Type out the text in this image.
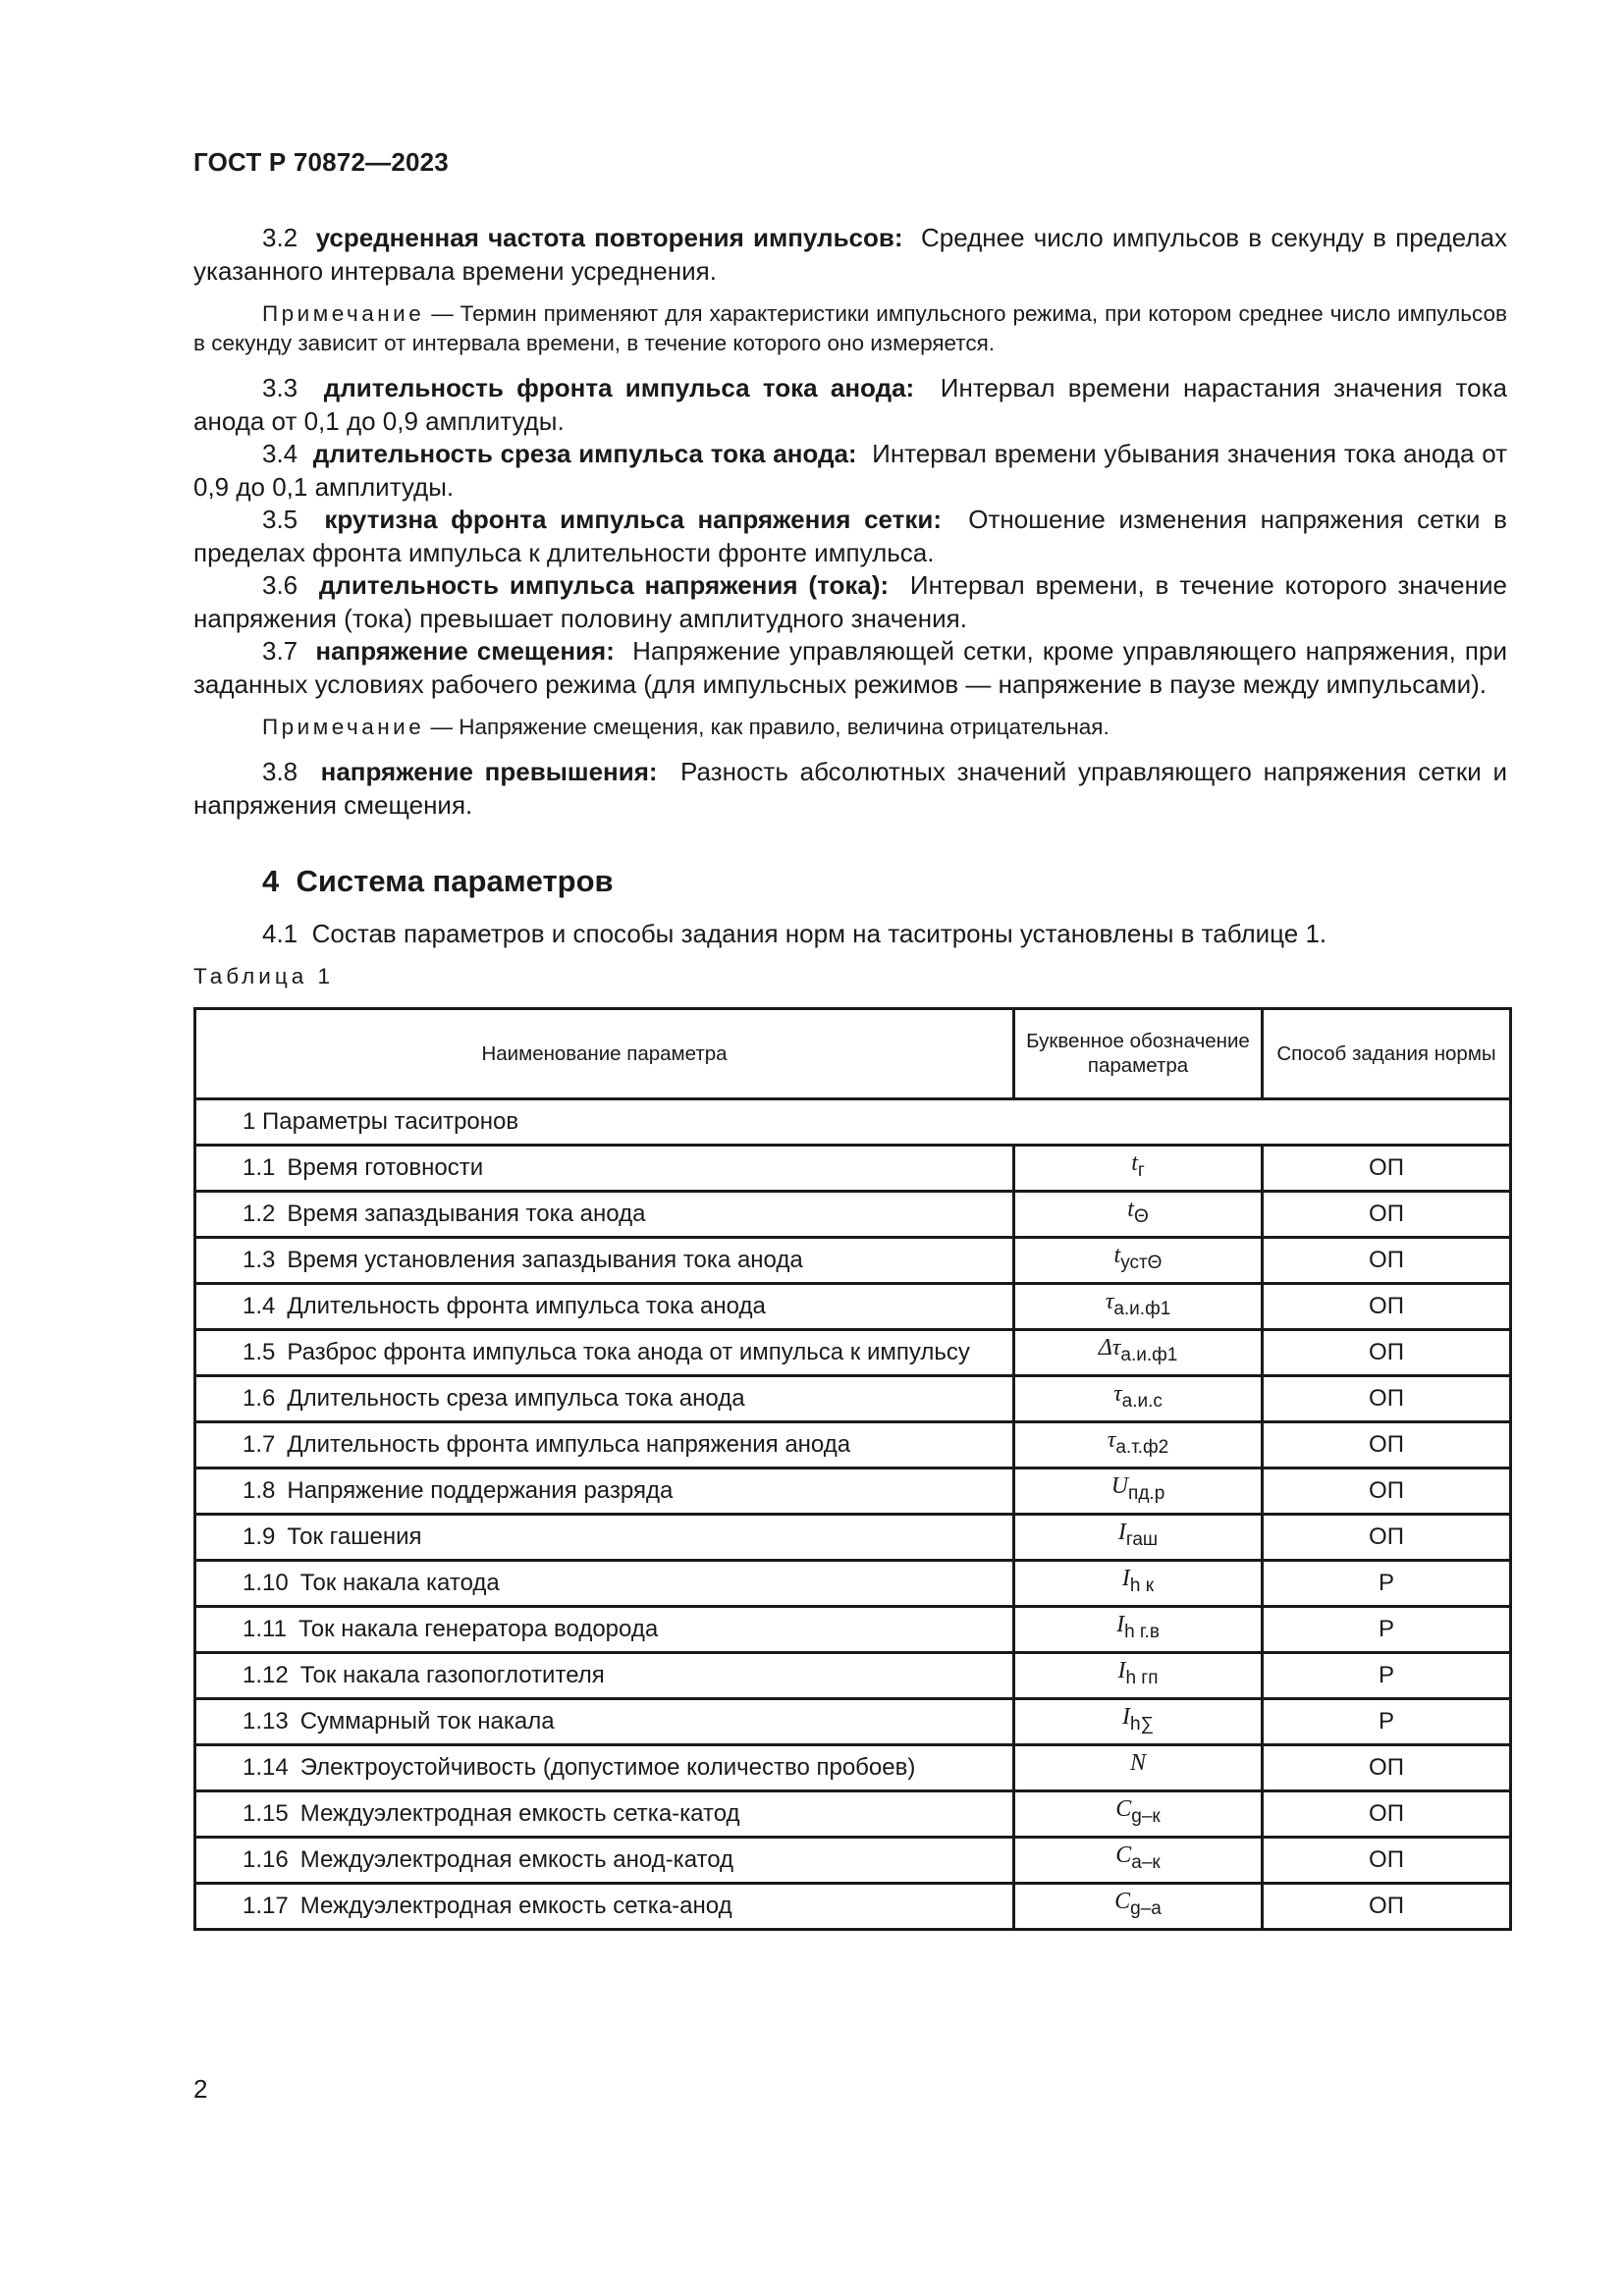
ГОСТ Р 70872—2023

3.2 усредненная частота повторения импульсов: Среднее число импульсов в секунду в пределах указанного интервала времени усреднения.

Примечание — Термин применяют для характеристики импульсного режима, при котором среднее число импульсов в секунду зависит от интервала времени, в течение которого оно измеряется.

3.3 длительность фронта импульса тока анода: Интервал времени нарастания значения тока анода от 0,1 до 0,9 амплитуды.

3.4 длительность среза импульса тока анода: Интервал времени убывания значения тока анода от 0,9 до 0,1 амплитуды.

3.5 крутизна фронта импульса напряжения сетки: Отношение изменения напряжения сетки в пределах фронта импульса к длительности фронте импульса.

3.6 длительность импульса напряжения (тока): Интервал времени, в течение которого значение напряжения (тока) превышает половину амплитудного значения.

3.7 напряжение смещения: Напряжение управляющей сетки, кроме управляющего напряжения, при заданных условиях рабочего режима (для импульсных режимов — напряжение в паузе между импульсами).

Примечание — Напряжение смещения, как правило, величина отрицательная.

3.8 напряжение превышения: Разность абсолютных значений управляющего напряжения сетки и напряжения смещения.

4 Система параметров

4.1 Состав параметров и способы задания норм на таситроны установлены в таблице 1.

Таблица 1
Наименование параметра	Буквенное обозначение параметра	Способ задания нормы
1 Параметры таситронов		
1.1 Время готовности	$t_г$	ОП
1.2 Время запаздывания тока анода	$t_\Theta$	ОП
1.3 Время установления запаздывания тока анода	$t_{уст\Theta}$	ОП
1.4 Длительность фронта импульса тока анода	$\tau_{а.и.ф1}$	ОП
1.5 Разброс фронта импульса тока анода от импульса к импульсу	$\Delta\tau_{а.и.ф1}$	ОП
1.6 Длительность среза импульса тока анода	$\tau_{а.и.с}$	ОП
1.7 Длительность фронта импульса напряжения анода	$\tau_{а.т.ф2}$	ОП
1.8 Напряжение поддержания разряда	$U_{пд.р}$	ОП
1.9 Ток гашения	$I_{гаш}$	ОП
1.10 Ток накала катода	$I_{h к}$	Р
1.11 Ток накала генератора водорода	$I_{h г.в}$	Р
1.12 Ток накала газопоглотителя	$I_{h гп}$	Р
1.13 Суммарный ток накала	$I_{h\sum}$	Р
1.14 Электроустойчивость (допустимое количество пробоев)	N	ОП
1.15 Междуэлектродная емкость сетка-катод	$C_{g-к}$	ОП
1.16 Междуэлектродная емкость анод-катод	$C_{а-к}$	ОП
1.17 Междуэлектродная емкость сетка-анод	$C_{g-а}$	ОП
2
